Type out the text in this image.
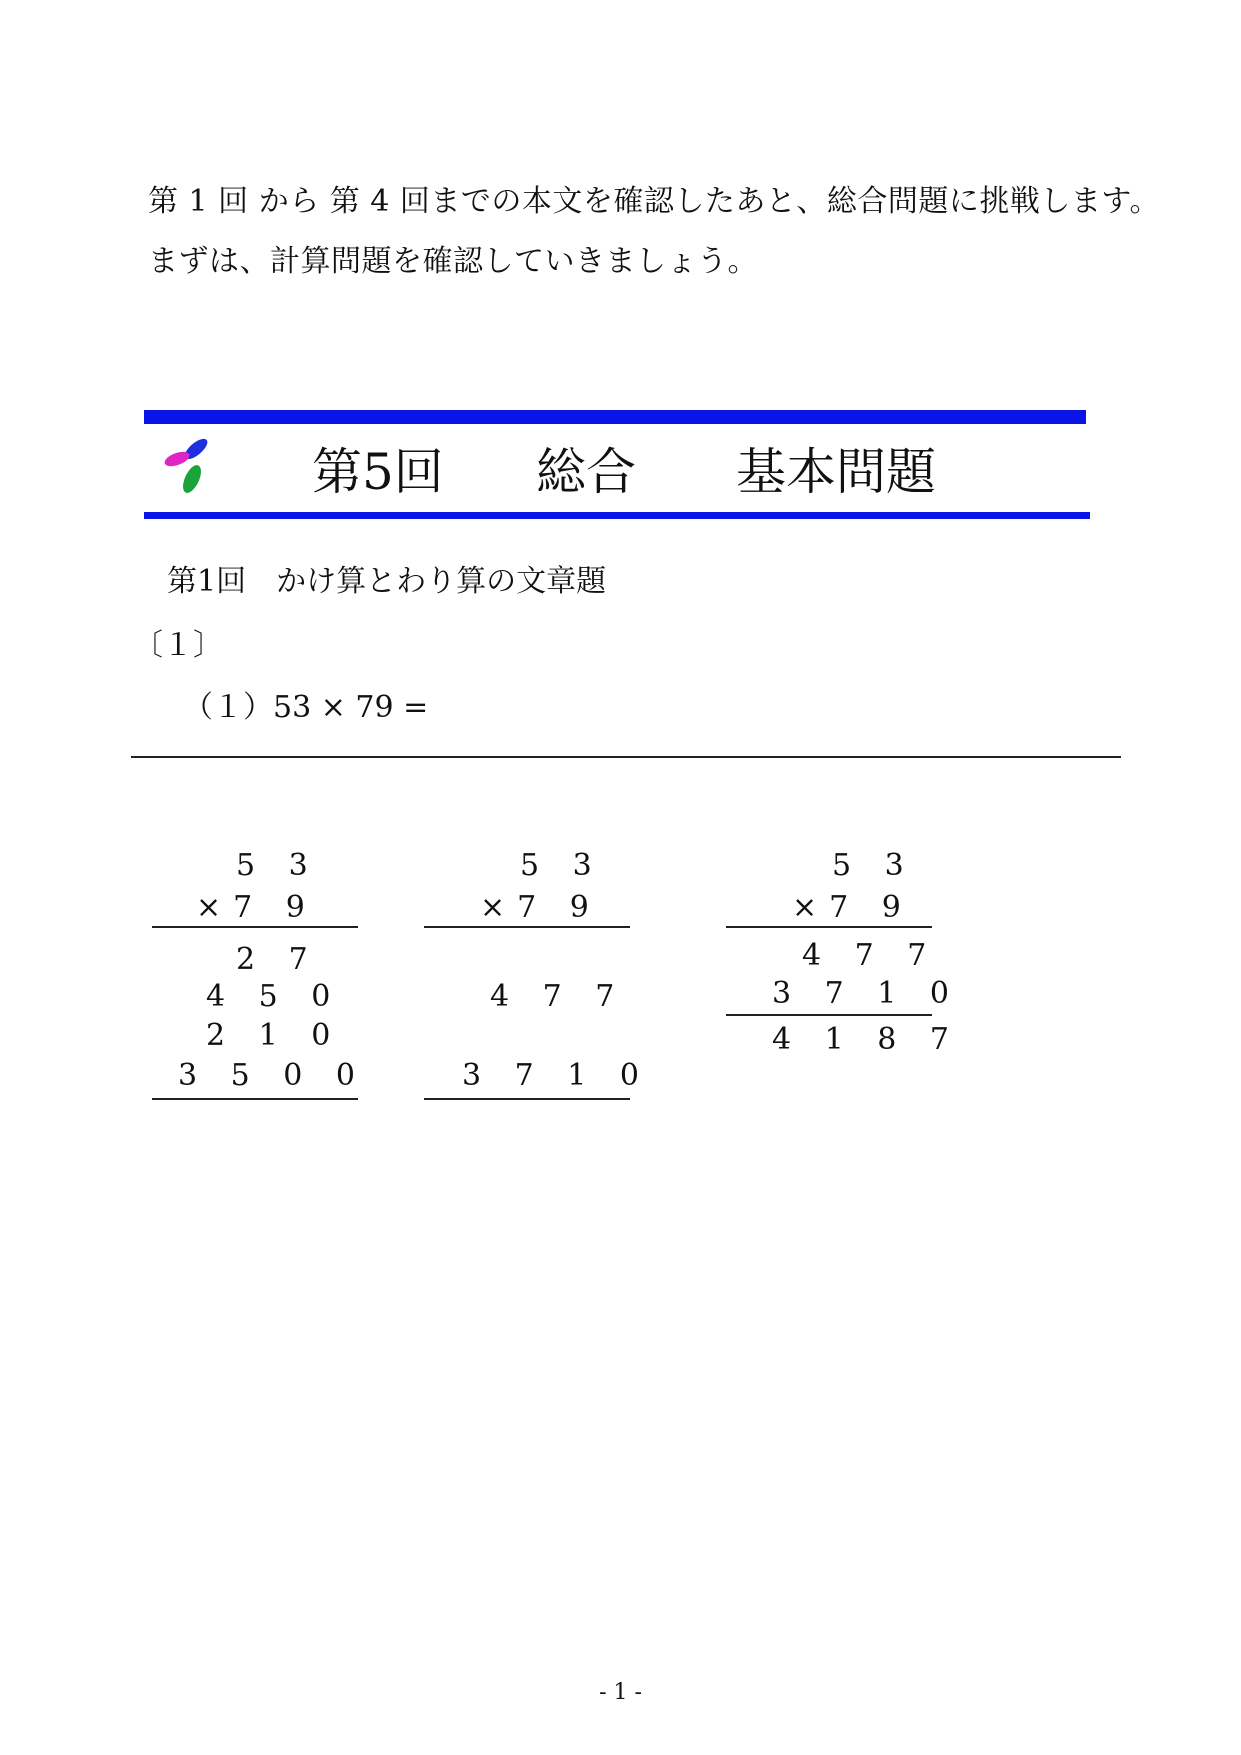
第 1 回 から 第 4 回までの本文を確認したあと、総合問題に挑戦します。
まずは、計算問題を確認していきましょう。
第5回 総合 基本問題
第1回　かけ算とわり算の文章題
〔１〕
（１）53 × 79 =
5 3
×7 9
2 7
4 5 0
2 1 0
3 5 0 0
5 3
×7 9
4 7 7
3 7 1 0
5 3
×7 9
4 7 7
3 7 1 0
4 1 8 7
- 1 -
